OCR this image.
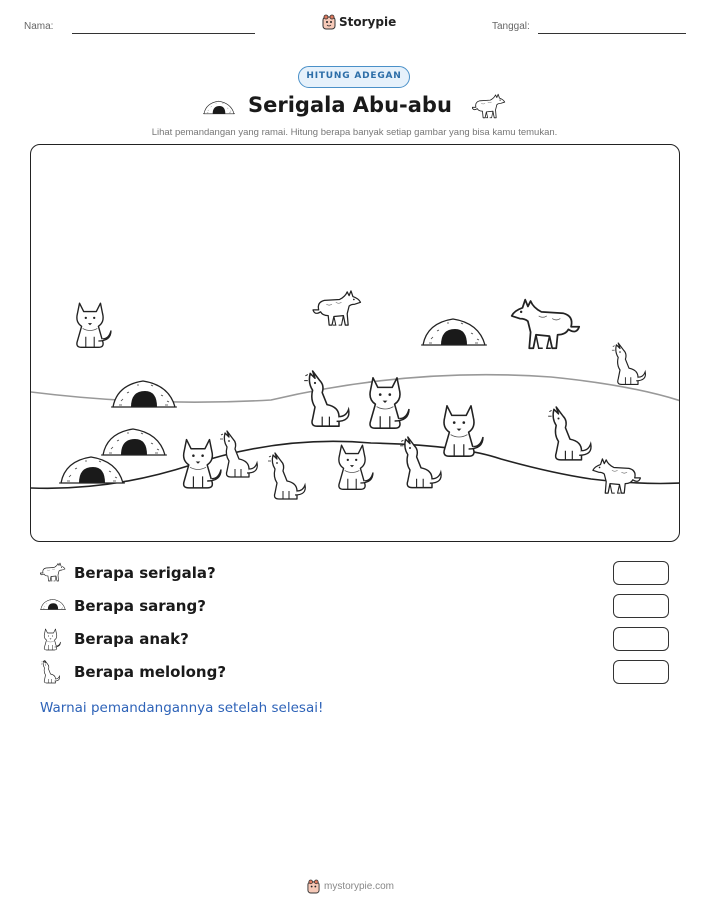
Nama:	Storypie	Tanggal:
HITUNG ADEGAN
Serigala Abu-abu
Lihat pemandangan yang ramai. Hitung berapa banyak setiap gambar yang bisa kamu temukan.
Berapa serigala?
Berapa sarang?
Berapa anak?
Berapa melolong?
Warnai pemandangannya setelah selesai!
mystorypie.com
